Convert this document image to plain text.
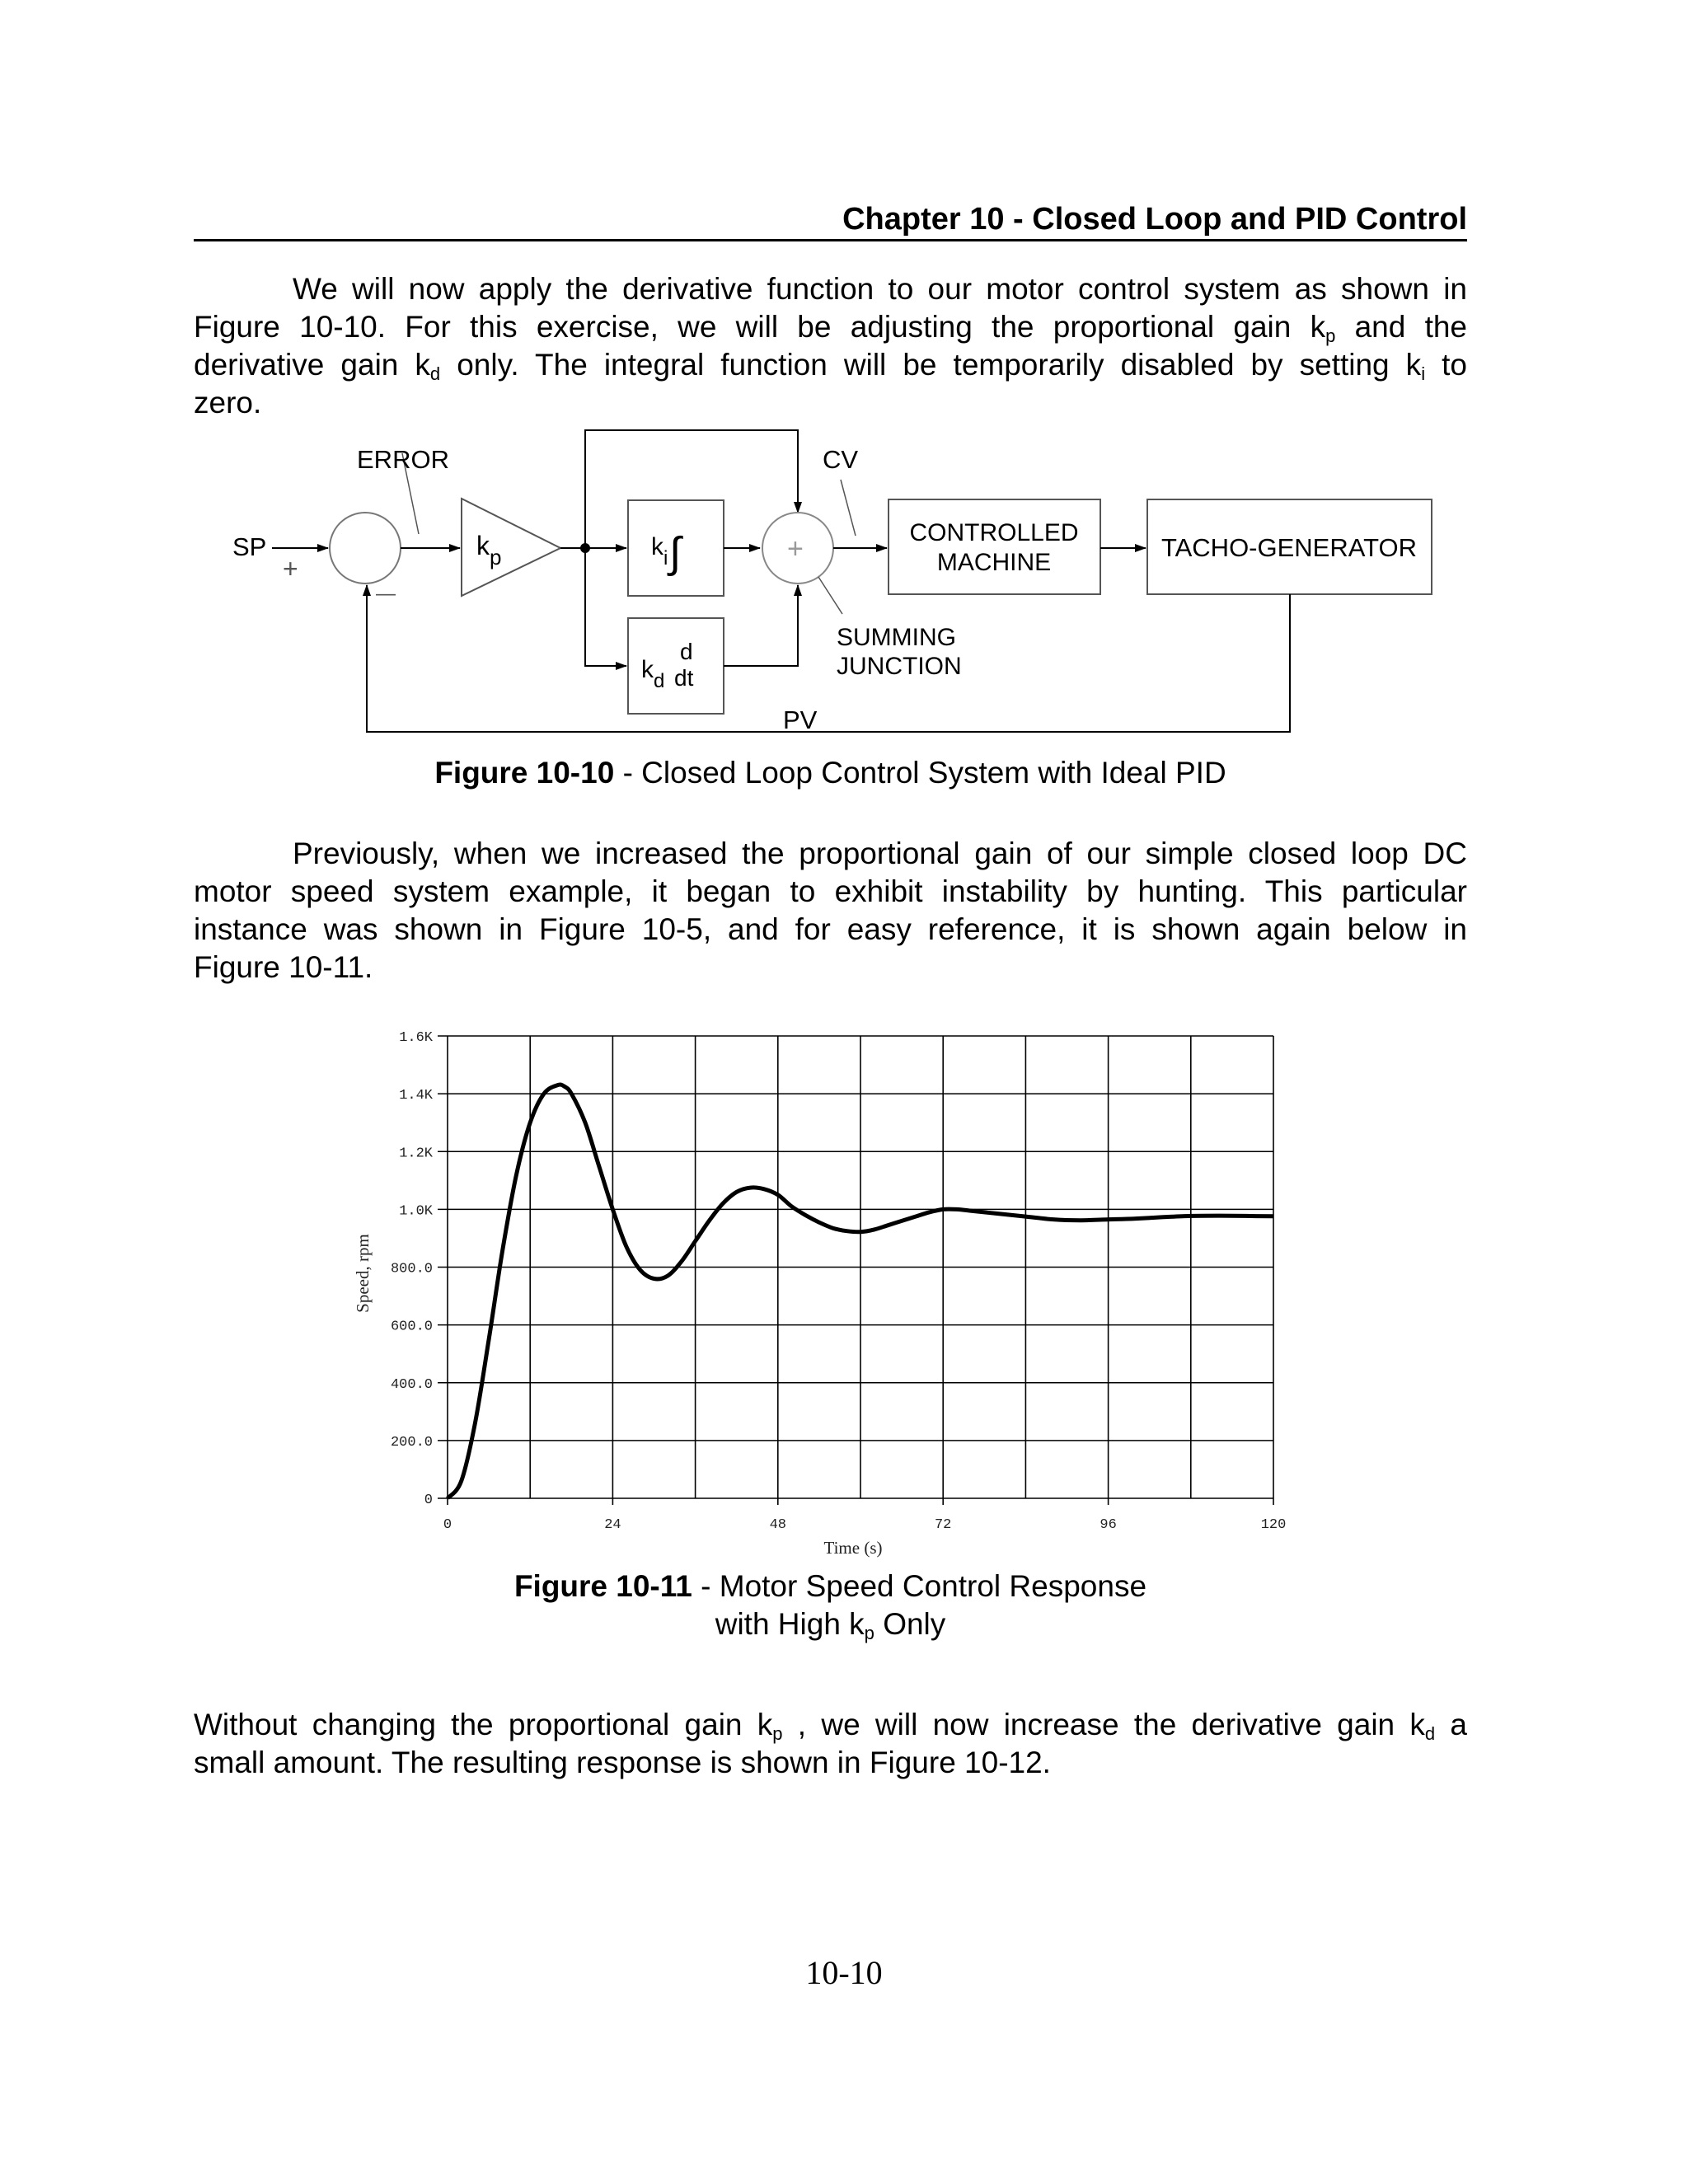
Chapter 10 - Closed Loop and PID Control
We will now apply the derivative function to our motor control system as shown in
Figure 10-10. For this exercise, we will be adjusting the proportional gain $k_p$ and the
derivative gain $k_d$ only. The integral function will be temporarily disabled by setting $k_i$ to
zero.
ERROR	CV
SP
+
—
k p	k i ∫
k d
d
dt
+
CONTROLLED
MACHINE
TACHO-GENERATOR
SUMMING
JUNCTION
PV
Figure 10-10 - Closed Loop Control System with Ideal PID
Previously, when we increased the proportional gain of our simple closed loop DC
motor speed system example, it began to exhibit instability by hunting. This particular
instance was shown in Figure 10-5, and for easy reference, it is shown again below in
Figure 10-11.
0
200.0
400.0
600.0
800.0
1.0K
1.2K
1.4K
1.6K
0	24	48	72	96	120
Speed, rpm
Time (s)
Figure 10-11 - Motor Speed Control Response
with High $k_p$ Only
Without changing the proportional gain $k_p$ , we will now increase the derivative gain $k_d$ a
small amount. The resulting response is shown in Figure 10-12.
10-10
